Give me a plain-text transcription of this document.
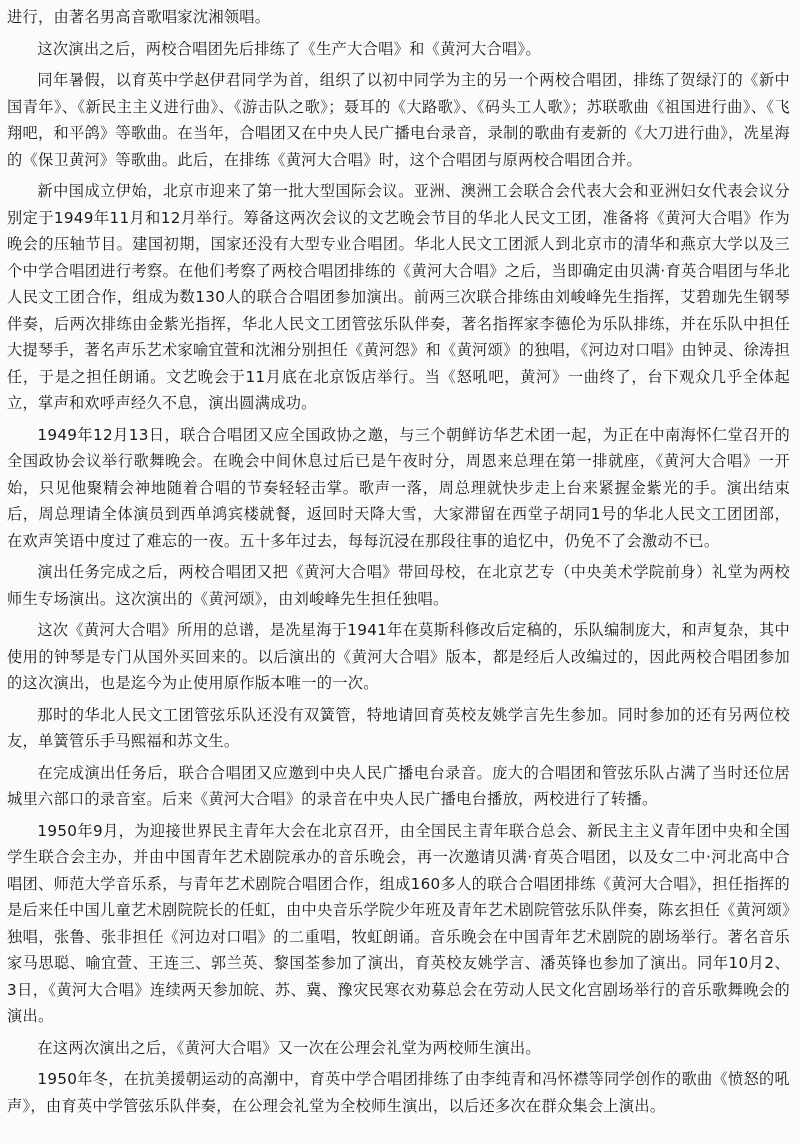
进行，由著名男高音歌唱家沈湘领唱。

这次演出之后，两校合唱团先后排练了《生产大合唱》和《黄河大合唱》。

同年暑假，以育英中学赵伊君同学为首，组织了以初中同学为主的另一个两校合唱团，排练了贺绿汀的《新中国青年》、《新民主主义进行曲》、《游击队之歌》；聂耳的《大路歌》、《码头工人歌》；苏联歌曲《祖国进行曲》、《飞翔吧，和平鸽》等歌曲。在当年，合唱团又在中央人民广播电台录音，录制的歌曲有麦新的《大刀进行曲》，冼星海的《保卫黄河》等歌曲。此后，在排练《黄河大合唱》时，这个合唱团与原两校合唱团合并。

新中国成立伊始，北京市迎来了第一批大型国际会议。亚洲、澳洲工会联合会代表大会和亚洲妇女代表会议分别定于1949年11月和12月举行。筹备这两次会议的文艺晚会节目的华北人民文工团，准备将《黄河大合唱》作为晚会的压轴节目。建国初期，国家还没有大型专业合唱团。华北人民文工团派人到北京市的清华和燕京大学以及三个中学合唱团进行考察。在他们考察了两校合唱团排练的《黄河大合唱》之后，当即确定由贝满·育英合唱团与华北人民文工团合作，组成为数130人的联合合唱团参加演出。前两三次联合排练由刘峻峰先生指挥，艾碧珈先生钢琴伴奏，后两次排练由金紫光指挥，华北人民文工团管弦乐队伴奏，著名指挥家李德伦为乐队排练，并在乐队中担任大提琴手，著名声乐艺术家喻宜萱和沈湘分别担任《黄河怨》和《黄河颂》的独唱，《河边对口唱》由钟灵、徐涛担任，于是之担任朗诵。文艺晚会于11月底在北京饭店举行。当《怒吼吧，黄河》一曲终了，台下观众几乎全体起立，掌声和欢呼声经久不息，演出圆满成功。

1949年12月13日，联合合唱团又应全国政协之邀，与三个朝鲜访华艺术团一起，为正在中南海怀仁堂召开的全国政协会议举行歌舞晚会。在晚会中间休息过后已是午夜时分，周恩来总理在第一排就座，《黄河大合唱》一开始，只见他聚精会神地随着合唱的节奏轻轻击掌。歌声一落，周总理就快步走上台来紧握金紫光的手。演出结束后，周总理请全体演员到西单鸿宾楼就餐，返回时天降大雪，大家滞留在西堂子胡同1号的华北人民文工团团部，在欢声笑语中度过了难忘的一夜。五十多年过去，每每沉浸在那段往事的追忆中，仍免不了会激动不已。

演出任务完成之后，两校合唱团又把《黄河大合唱》带回母校，在北京艺专（中央美术学院前身）礼堂为两校师生专场演出。这次演出的《黄河颂》，由刘峻峰先生担任独唱。

这次《黄河大合唱》所用的总谱，是冼星海于1941年在莫斯科修改后定稿的，乐队编制庞大，和声复杂，其中使用的钟琴是专门从国外买回来的。以后演出的《黄河大合唱》版本，都是经后人改编过的，因此两校合唱团参加的这次演出，也是迄今为止使用原作版本唯一的一次。

那时的华北人民文工团管弦乐队还没有双簧管，特地请回育英校友姚学言先生参加。同时参加的还有另两位校友，单簧管乐手马熙福和苏文生。

在完成演出任务后，联合合唱团又应邀到中央人民广播电台录音。庞大的合唱团和管弦乐队占满了当时还位居城里六部口的录音室。后来《黄河大合唱》的录音在中央人民广播电台播放，两校进行了转播。

1950年9月，为迎接世界民主青年大会在北京召开，由全国民主青年联合总会、新民主主义青年团中央和全国学生联合会主办，并由中国青年艺术剧院承办的音乐晚会，再一次邀请贝满·育英合唱团，以及女二中·河北高中合唱团、师范大学音乐系，与青年艺术剧院合唱团合作，组成160多人的联合合唱团排练《黄河大合唱》，担任指挥的是后来任中国儿童艺术剧院院长的任虹，由中央音乐学院少年班及青年艺术剧院管弦乐队伴奏，陈玄担任《黄河颂》独唱，张鲁、张非担任《河边对口唱》的二重唱，牧虹朗诵。音乐晚会在中国青年艺术剧院的剧场举行。著名音乐家马思聪、喻宜萱、王连三、郭兰英、黎国荃参加了演出，育英校友姚学言、潘英锋也参加了演出。同年10月2、3日，《黄河大合唱》连续两天参加皖、苏、冀、豫灾民寒衣劝募总会在劳动人民文化宫剧场举行的音乐歌舞晚会的演出。

在这两次演出之后，《黄河大合唱》又一次在公理会礼堂为两校师生演出。

1950年冬，在抗美援朝运动的高潮中，育英中学合唱团排练了由李纯青和冯怀襟等同学创作的歌曲《愤怒的吼声》，由育英中学管弦乐队伴奏，在公理会礼堂为全校师生演出，以后还多次在群众集会上演出。
